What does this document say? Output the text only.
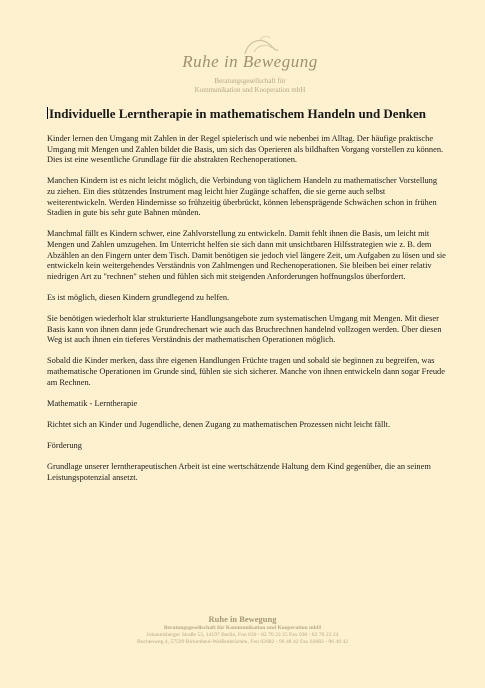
Ruhe in Bewegung
Beratungsgesellschaft für
Kommunikation und Kooperation mbH
Individuelle Lerntherapie in mathematischem Handeln und Denken

Kinder lernen den Umgang mit Zahlen in der Regel spielerisch und wie nebenbei im Alltag. Der häufige praktische Umgang mit Mengen und Zahlen bildet die Basis, um sich das Operieren als bildhaften Vorgang vorstellen zu können. Dies ist eine wesentliche Grundlage für die abstrakten Rechenoperationen.

Manchen Kindern ist es nicht leicht möglich, die Verbindung von täglichem Handeln zu mathematischer Vorstellung zu ziehen. Ein dies stützendes Instrument mag leicht hier Zugänge schaffen, die sie gerne auch selbst weiterentwickeln. Werden Hindernisse so frühzeitig überbrückt, können lebensprägende Schwächen schon in frühen Stadien in gute bis sehr gute Bahnen münden.

Manchmal fällt es Kindern schwer, eine Zahlvorstellung zu entwickeln. Damit fehlt ihnen die Basis, um leicht mit Mengen und Zahlen umzugehen. Im Unterricht helfen sie sich dann mit unsichtbaren Hilfsstrategien wie z. B. dem Abzählen an den Fingern unter dem Tisch. Damit benötigen sie jedoch viel längere Zeit, um Aufgaben zu lösen und sie entwickeln kein weitergehendes Verständnis von Zahlmengen und Rechenoperationen. Sie bleiben bei einer relativ niedrigen Art zu "rechnen" stehen und fühlen sich mit steigenden Anforderungen hoffnungslos überfordert.

Es ist möglich, diesen Kindern grundlegend zu helfen.

Sie benötigen wiederholt klar strukturierte Handlungsangebote zum systematischen Umgang mit Mengen. Mit dieser Basis kann von ihnen dann jede Grundrechenart wie auch das Bruchrechnen handelnd vollzogen werden. Über diesen Weg ist auch ihnen ein tieferes Verständnis der mathematischen Operationen möglich.

Sobald die Kinder merken, dass ihre eigenen Handlungen Früchte tragen und sobald sie beginnen zu begreifen, was mathematische Operationen im Grunde sind, fühlen sie sich sicherer. Manche von ihnen entwickeln dann sogar Freude am Rechnen.

Mathematik - Lerntherapie

Richtet sich an Kinder und Jugendliche, denen Zugang zu mathematischen Prozessen nicht leicht fällt.

Förderung

Grundlage unserer lerntherapeutischen Arbeit ist eine wertschätzende Haltung dem Kind gegenüber, die an seinem Leistungspotenzial ansetzt.

Ruhe in Bewegung
Beratungsgesellschaft für Kommunikation und Kooperation mbH
Johannisberger Straße 53, 14197 Berlin, Fon 030 - 82 70 23 25 Fax 030 - 82 70 23 24
Buchenweg 4, 57599 Birkenbeul-Weißenbrüchen, Fon 02682 - 96 48 42 Fax 02682 - 96 48 42
